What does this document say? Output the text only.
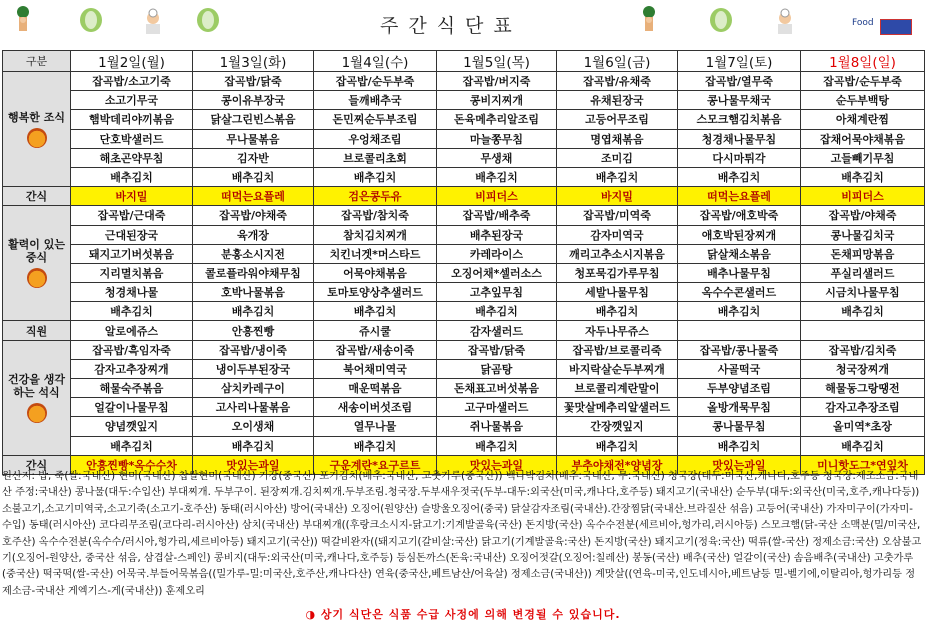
주간식단표	Food
구분	1월2일(월)	1월3일(화)	1월4일(수)	1월5일(목)	1월6일(금)	1월7일(토)	1월8일(일)
행복한 조식	잡곡밥/소고기죽	잡곡밥/닭죽	잡곡밥/순두부죽	잡곡밥/버지죽	잡곡밥/유채죽	잡곡밥/열무죽	잡곡밥/순두부죽
	소고기무국	콩이유부장국	들깨배추국	콩비지찌개	유채된장국	콩나물무채국	순두부백탕
	햄박데리야끼볶음	닭살그린빈스볶음	돈민찌순두부조림	돈육메추리알조림	고등어무조림	스모크햄김치볶음	아채계란찜
	단호박샐러드	무나물볶음	우엉채조림	마늘쫑무침	명엽채볶음	청경채나물무침	잡채어묵야채볶음
	해초곤약무침	김자반	브로콜리초회	무생채	조미김	다시마튀각	고들빼기무침
	배추김치	배추김치	배추김치	배추김치	배추김치	배추김치	배추김치
간식	바지밀	떠먹는요플레	검은콩두유	비피더스	바지밀	떠먹는요플레	비피더스
활력이 있는 중식	잡곡밥/근대죽	잡곡밥/야채죽	잡곡밥/참치죽	잡곡밥/배추죽	잡곡밥/미역죽	잡곡밥/애호박죽	잡곡밥/야채죽
	근대된장국	육개장	참치김치찌개	배추된장국	감자미역국	애호박된장찌개	콩나물김치국
	돼지고기버섯볶음	분홍소시지전	치킨너겟*머스타드	카레라이스	깨리고추소시지볶음	닭살채소볶음	돈채피망볶음
	지리멸치볶음	콜로플라워야채무침	어묵야채볶음	오징어채*셀러소스	청포묵김가루무침	배추나물무침	푸실리샐러드
	청경채나물	호박나물볶음	토마토양상추샐러드	고추잎무침	세발나물무침	옥수수콘샐러드	시금치나물무침
	배추김치	배추김치	배추김치	배추김치	배추김치	배추김치	배추김치
직원	알로에쥬스	안흥찐빵	쥬시쿨	감자샐러드	자두나무쥬스		
건강을 생각하는 석식	잡곡밥/흑임자죽	잡곡밥/냉이죽	잡곡밥/새송이죽	잡곡밥/닭죽	잡곡밥/브로콜리죽	잡곡밥/콩나물죽	잡곡밥/김치죽
	감자고추장찌개	냉이두부된장국	북어채미역국	닭곰탕	바지락살순두부찌개	사골떡국	청국장찌개
	해물숙주볶음	삼치카레구이	매운떡볶음	돈채표고버섯볶음	브로콜리계란말이	두부양념조림	해물동그랑땡전
	얼갈이나물무침	고사리나물볶음	새송이버섯조림	고구마샐러드	꽃맛살메추리알샐러드	올방개묵무침	감자고추장조림
	양념깻잎지	오이생채	열무나물	쥐나물볶음	간장깻잎지	콩나물무침	올미역*초장
	배추김치	배추김치	배추김치	배추김치	배추김치	배추김치	배추김치
간식	안흥찐빵*옥수수차	맛있는과일	구운계란*요구르트	맛있는과일	부추야채전*양념장	맛있는과일	미니핫도그*연잎차
원산지: 밥, 죽(쌀:국내산) 현미(국내산) 찹쌀현미(국내산) 기장(중국산) 포기김치(배추:국내산, 고춧가루(중국산)) 백나박김치(배추:국내산, 무:국내산) 청국장(대두:미국산,캐나다,호주등 청국장:제조소금:국내산 주정:국내산) 콩나물(대두:수입산) 부대찌개. 두부구이. 된장찌개.김치찌개.두부조림.청국장.두부새우젓국(두부-대두:외국산(미국,캐나다,호주등) 돼지고기(국내산) 순두부(대두:외국산(미국,호주,캐나다등)) 소불고기,소고기미역국,소고기죽(소고기-호주산) 동태(러시아산) 방어(국내산) 오징어(원양산) 슬방울오징어(중국) 닭살감자조림(국내산).간장찜닭(국내산.브라질산 섞음) 고등어(국내산) 가자미구이(가자미-수입) 동태(러시아산) 코다리무조림(코다리-러시아산) 삼치(국내산) 부대찌개((후랑크소시지-닭고기:기계발골육(국산) 돈지방(국산) 옥수수전분(세르비아,헝가리,러시아등) 스모크햄(닭-국산 소맥분(밀/미국산,호주산) 옥수수전분(옥수수/러시아,헝가리,세르비아등) 돼지고기(국산)) 떡갈비완자((돼지고기(갈비살:국산) 닭고기(기계발골육:국산) 돈지방(국산) 돼지고기(정육:국산) 떡류(쌀-국산) 정제소금:국산) 오삼불고기(오징어-원양산, 중국산 섞음, 삼겹살-스페인) 콩비지(대두:외국산(미국,캐나다,호주등) 등심돈까스(돈육:국내산) 오징어젓갈(오징어:칠레산) 봉동(국산) 배추(국산) 얼갈이(국산) 솜음배추(국내산) 고춧가루(중국산) 떡국떡(쌀-국산) 어묵국.부들어묵볶음((밀가루-밀:미국산,호주산,캐나다산) 연육(중국산,베트남산/어육살) 정제소금(국내산)) 계맛살((연육-미국,인도네시아,베트남등 밀-벨기에,이탈리아,헝가리등 정제소금-국내산 게엑기스-게(국내산)) 훈제오리
◑ 상기 식단은 식품 수급 사정에 의해 변경될 수 있습니다.
